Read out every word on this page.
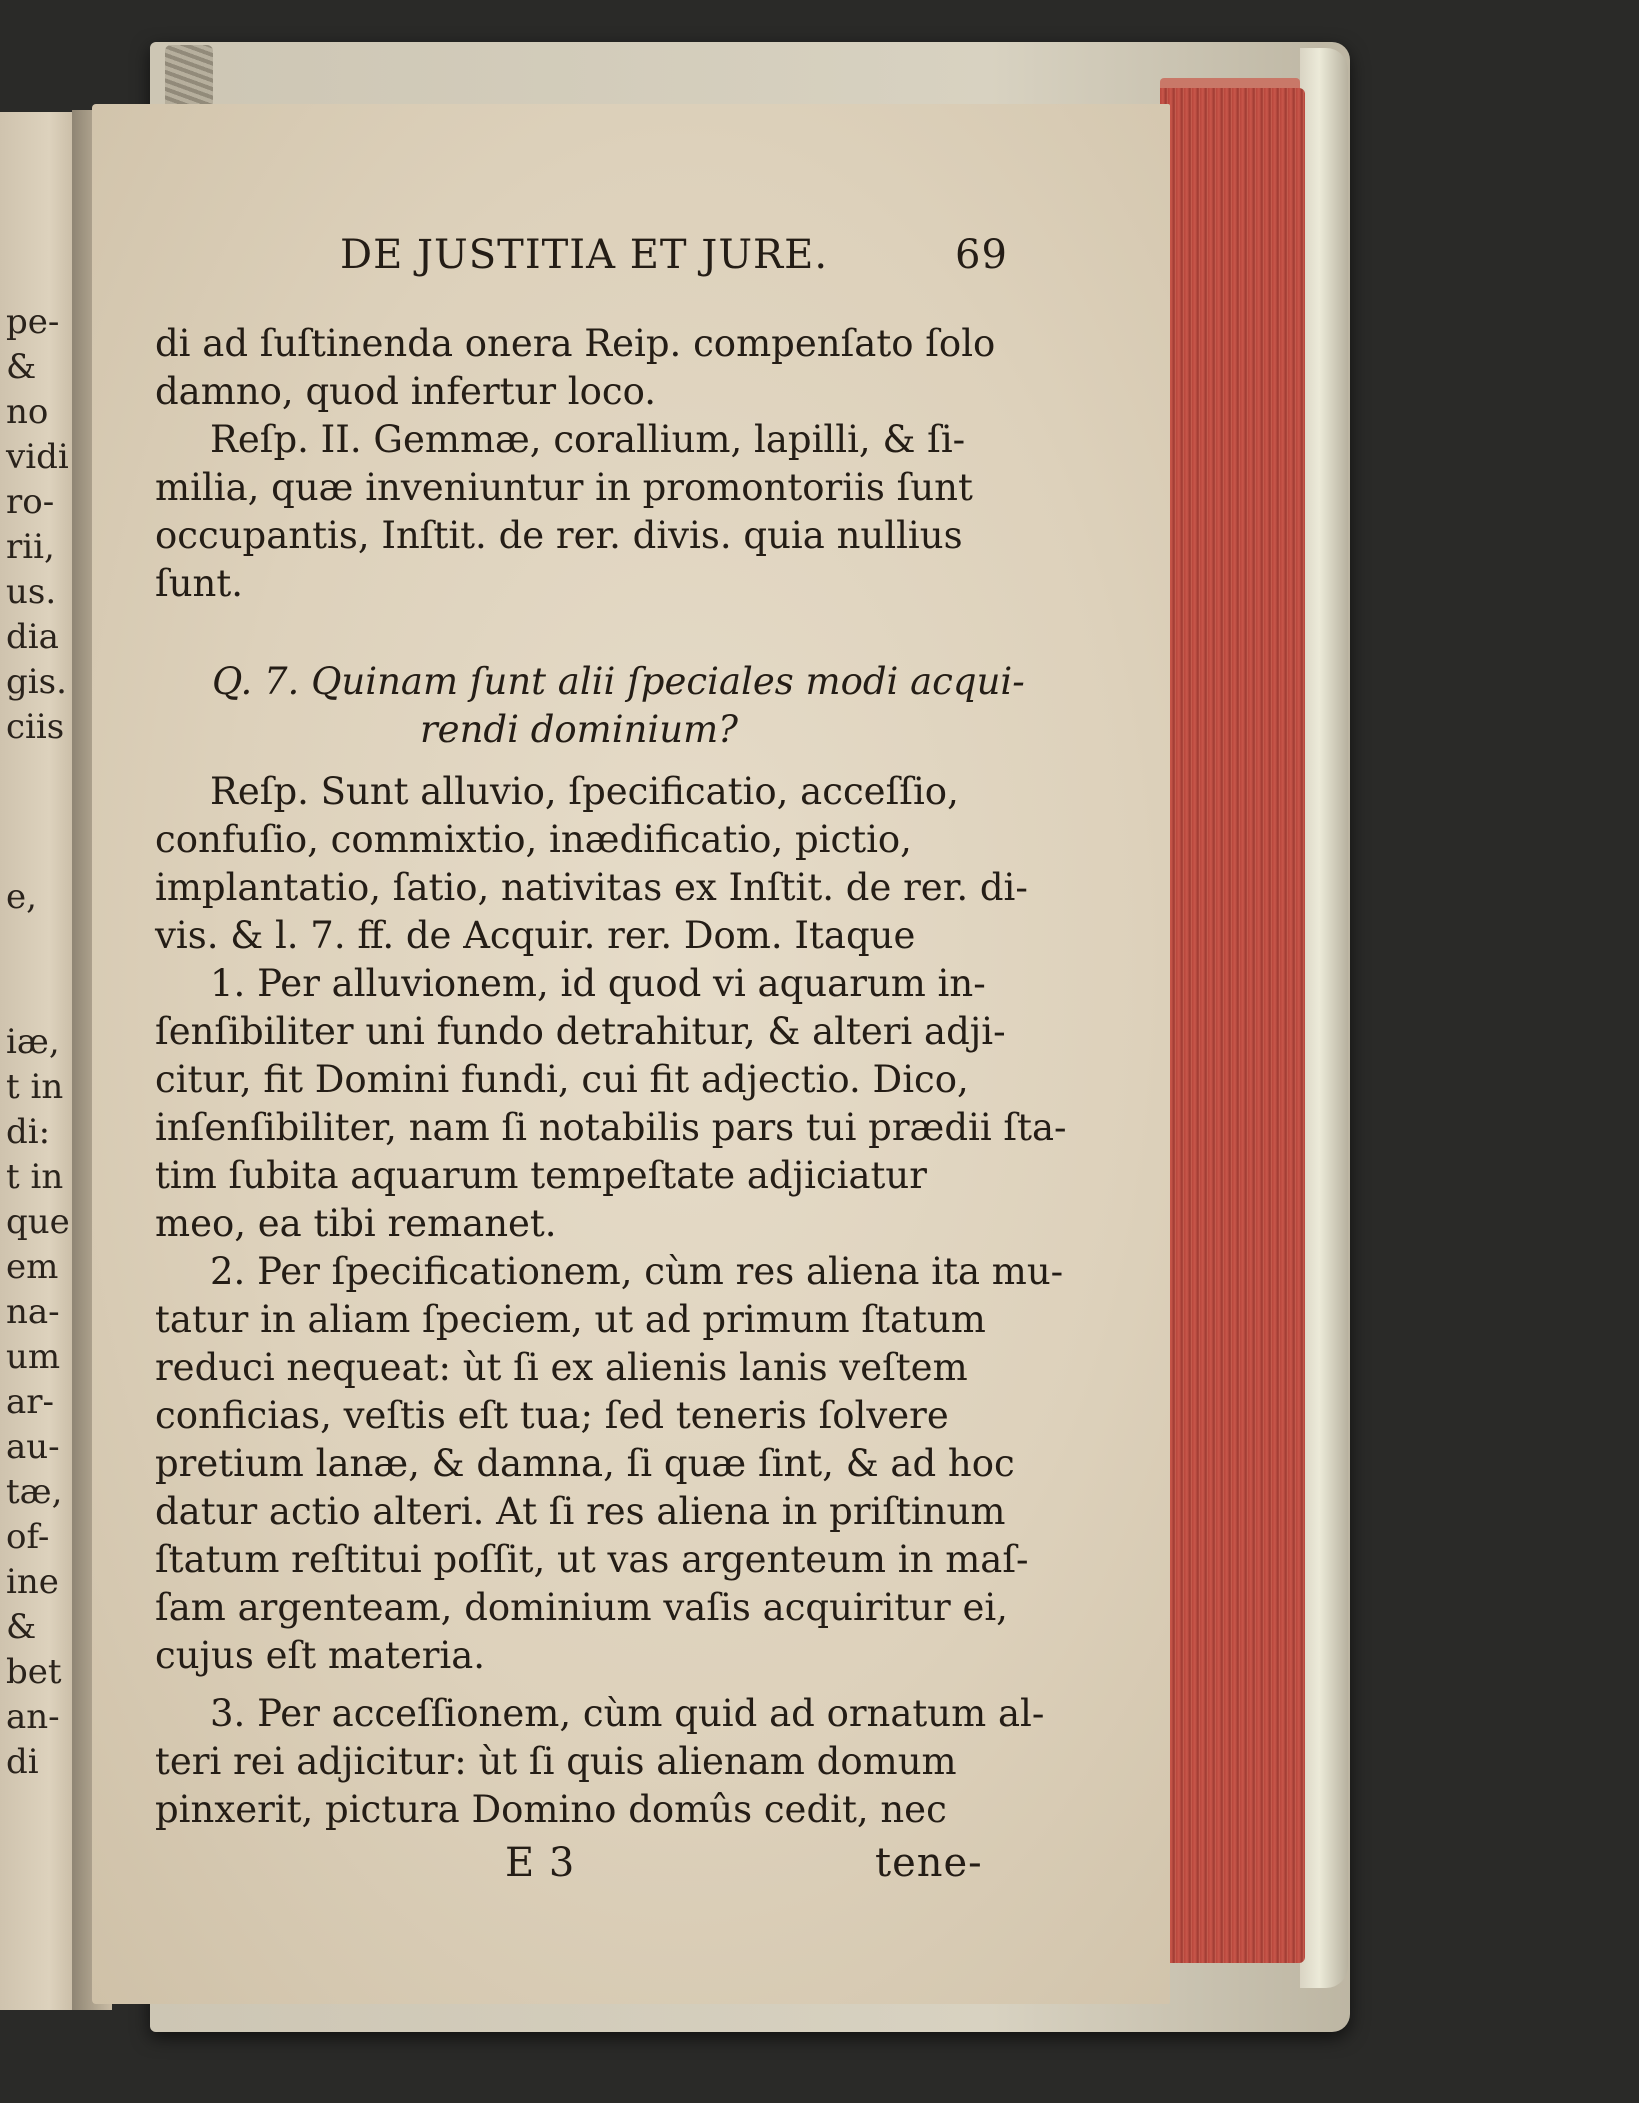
pe-
&
no
vidi
ro-
rii,
us.
dia
gis.
ciis
e,
iæ,
t in
di:
t in
que
em
na-
um
ar-
au-
tæ,
of-
ine
&
bet
an-
di
DE JUSTITIA ET JURE.	69
di ad ſuſtinenda onera Reip. compenſato ſolo
damno, quod infertur loco.
Reſp. II. Gemmæ, corallium, lapilli, & ſi-
milia, quæ inveniuntur in promontoriis ſunt
occupantis, Inſtit. de rer. divis. quia nullius
ſunt.
Q. 7. Quinam ſunt alii ſpeciales modi acqui-
rendi dominium?
Reſp. Sunt alluvio, ſpecificatio, acceſſio,
confuſio, commixtio, inædificatio, pictio,
implantatio, ſatio, nativitas ex Inſtit. de rer. di-
vis. & l. 7. ff. de Acquir. rer. Dom. Itaque
1. Per alluvionem, id quod vi aquarum in-
ſenſibiliter uni fundo detrahitur, & alteri adji-
citur, fit Domini fundi, cui fit adjectio. Dico,
inſenſibiliter, nam ſi notabilis pars tui prædii ſta-
tim ſubita aquarum tempeſtate adjiciatur
meo, ea tibi remanet.
2. Per ſpecificationem, cùm res aliena ita mu-
tatur in aliam ſpeciem, ut ad primum ſtatum
reduci nequeat: ùt ſi ex alienis lanis veſtem
conficias, veſtis eſt tua; ſed teneris ſolvere
pretium lanæ, & damna, ſi quæ ſint, & ad hoc
datur actio alteri. At ſi res aliena in priſtinum
ſtatum reſtitui poſſit, ut vas argenteum in maſ-
ſam argenteam, dominium vaſis acquiritur ei,
cujus eſt materia.
3. Per acceſſionem, cùm quid ad ornatum al-
teri rei adjicitur: ùt ſi quis alienam domum
pinxerit, pictura Domino domûs cedit, nec
E 3	tene-
